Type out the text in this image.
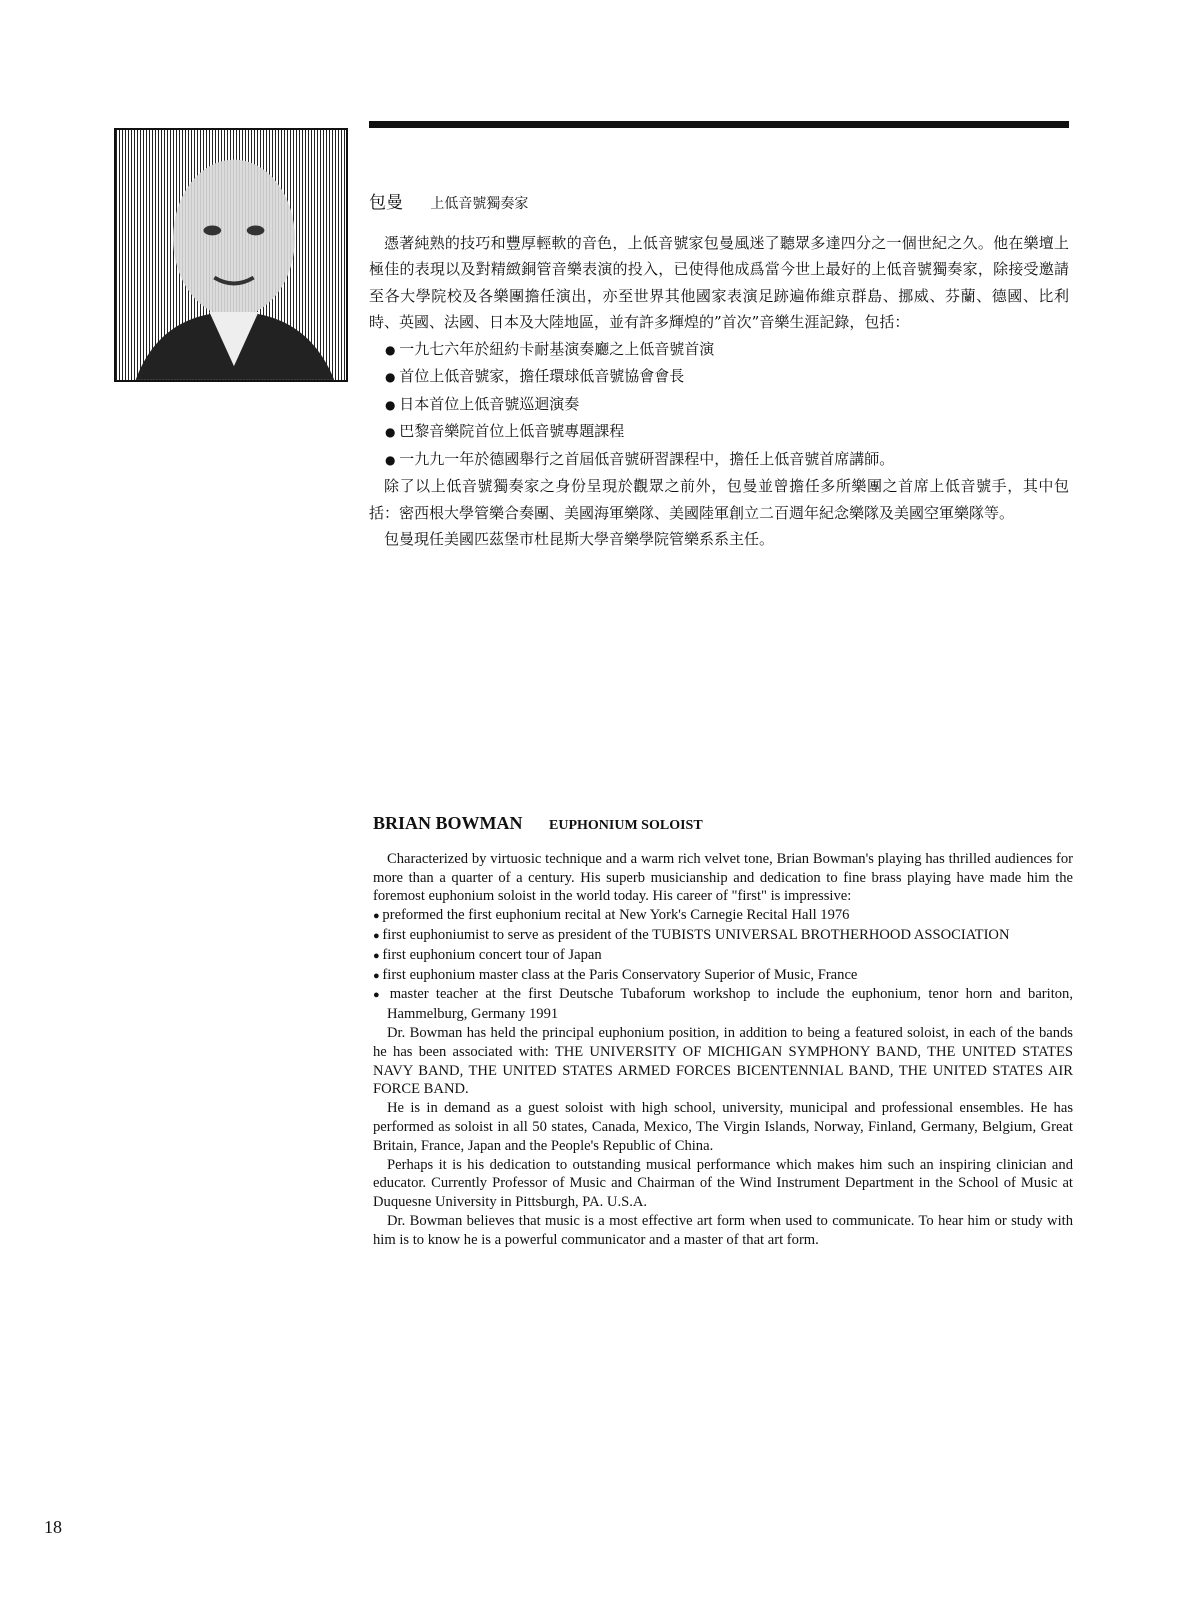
包曼 上低音號獨奏家

憑著純熟的技巧和豐厚輕軟的音色，上低音號家包曼風迷了聽眾多達四分之一個世紀之久。他在樂壇上極佳的表現以及對精緻銅管音樂表演的投入，已使得他成爲當今世上最好的上低音號獨奏家，除接受邀請至各大學院校及各樂團擔任演出，亦至世界其他國家表演足跡遍佈維京群島、挪威、芬蘭、德國、比利時、英國、法國、日本及大陸地區，並有許多輝煌的”首次”音樂生涯記錄，包括：

● 一九七六年於紐約卡耐基演奏廳之上低音號首演
● 首位上低音號家，擔任環球低音號協會會長
● 日本首位上低音號巡迴演奏
● 巴黎音樂院首位上低音號專題課程
● 一九九一年於德國舉行之首屆低音號研習課程中，擔任上低音號首席講師。

除了以上低音號獨奏家之身份呈現於觀眾之前外，包曼並曾擔任多所樂團之首席上低音號手，其中包括：密西根大學管樂合奏團、美國海軍樂隊、美國陸軍創立二百週年紀念樂隊及美國空軍樂隊等。

包曼現任美國匹茲堡市杜昆斯大學音樂學院管樂系系主任。

BRIAN BOWMAN EUPHONIUM SOLOIST

Characterized by virtuosic technique and a warm rich velvet tone, Brian Bowman's playing has thrilled audiences for more than a quarter of a century. His superb musicianship and dedication to fine brass playing have made him the foremost euphonium soloist in the world today. His career of "first" is impressive:

● preformed the first euphonium recital at New York's Carnegie Recital Hall 1976
● first euphoniumist to serve as president of the TUBISTS UNIVERSAL BROTHERHOOD ASSOCIATION
● first euphonium concert tour of Japan
● first euphonium master class at the Paris Conservatory Superior of Music, France
● master teacher at the first Deutsche Tubaforum workshop to include the euphonium, tenor horn and bariton, Hammelburg, Germany 1991

Dr. Bowman has held the principal euphonium position, in addition to being a featured soloist, in each of the bands he has been associated with: THE UNIVERSITY OF MICHIGAN SYMPHONY BAND, THE UNITED STATES NAVY BAND, THE UNITED STATES ARMED FORCES BICENTENNIAL BAND, THE UNITED STATES AIR FORCE BAND.

He is in demand as a guest soloist with high school, university, municipal and professional ensembles. He has performed as soloist in all 50 states, Canada, Mexico, The Virgin Islands, Norway, Finland, Germany, Belgium, Great Britain, France, Japan and the People's Republic of China.

Perhaps it is his dedication to outstanding musical performance which makes him such an inspiring clinician and educator. Currently Professor of Music and Chairman of the Wind Instrument Department in the School of Music at Duquesne University in Pittsburgh, PA. U.S.A.

Dr. Bowman believes that music is a most effective art form when used to communicate. To hear him or study with him is to know he is a powerful communicator and a master of that art form.

18
